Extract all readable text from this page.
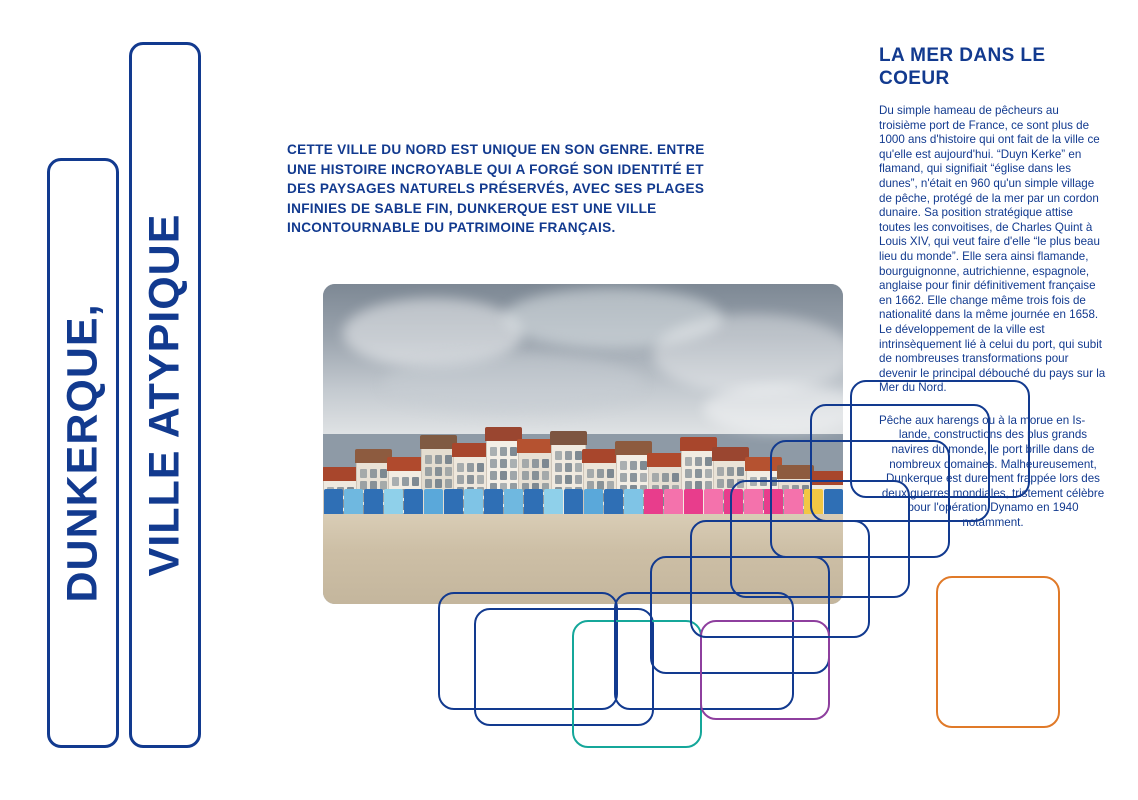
DUNKERQUE, VILLE ATYPIQUE
CETTE VILLE DU NORD EST UNIQUE EN SON GENRE. ENTRE UNE HISTOIRE INCROYABLE QUI A FORGÉ SON IDENTITÉ ET DES PAYSAGES NATURELS PRÉSERVÉS, AVEC SES PLAGES INFINIES DE SABLE FIN, DUNKERQUE EST UNE VILLE INCONTOURNABLE DU PATRIMOINE FRANÇAIS.
LA MER DANS LE COEUR
Du simple hameau de pêcheurs au troisième port de France, ce sont plus de 1000 ans d'histoire qui ont fait de la ville ce qu'elle est aujourd'hui. “Duyn Kerke” en flamand, qui signifiait “église dans les dunes”, n'était en 960 qu'un simple village de pêche, protégé de la mer par un cordon dunaire. Sa position stratégique attise toutes les convoitises, de Charles Quint à Louis XIV, qui veut faire d'elle “le plus beau lieu du monde”. Elle sera ainsi flamande, bourguignonne, autrichienne, espagnole, anglaise pour finir définitivement française en 1662. Elle change même trois fois de nationalité dans la même journée en 1658. Le développement de la ville est intrinsèquement lié à celui du port, qui subit de nombreuses transformations pour devenir le principal débouché du pays sur la Mer du Nord.
Pêche aux harengs ou à la morue en Is-
lande, constructions des plus grands navires du monde, le port brille dans de nombreux domaines. Malheureusement, Dunkerque est durement frappée lors des deux guerres mondiales, tristement célèbre pour l'opération Dynamo en 1940 notamment.
